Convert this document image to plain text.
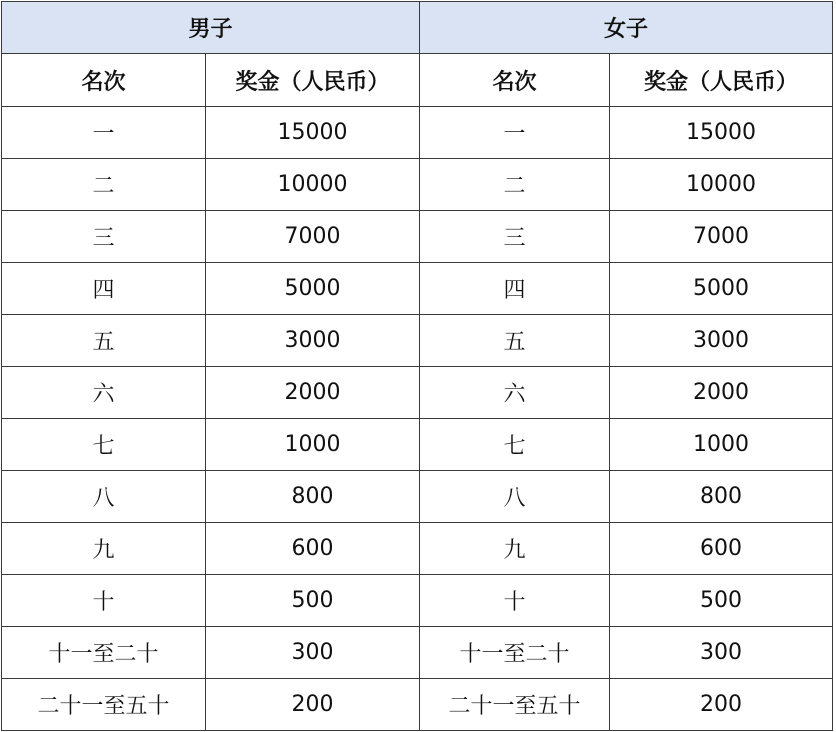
男子		女子	
名次	奖金（人民币）	名次	奖金（人民币）
一	15000	一	15000
二	10000	二	10000
三	7000	三	7000
四	5000	四	5000
五	3000	五	3000
六	2000	六	2000
七	1000	七	1000
八	800	八	800
九	600	九	600
十	500	十	500
十一至二十	300	十一至二十	300
二十一至五十	200	二十一至五十	200
